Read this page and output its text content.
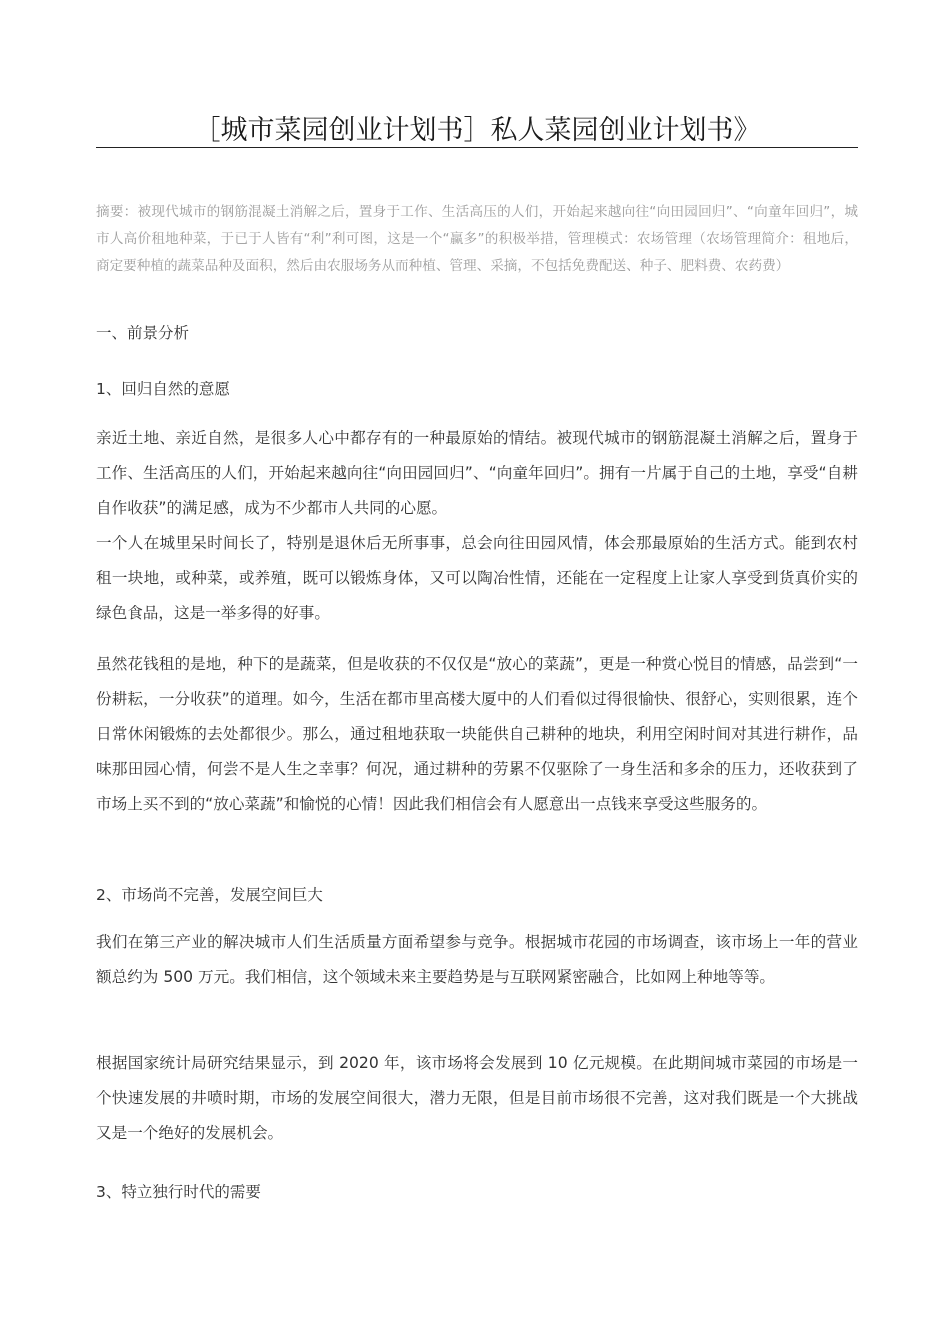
［城市菜园创业计划书］私人菜园创业计划书》

摘要：被现代城市的钢筋混凝土消解之后，置身于工作、生活高压的人们，开始起来越向往“向田园回归”、“向童年回归”，城市人高价租地种菜，于已于人皆有“利”利可图，这是一个“赢多”的积极举措，管理模式：农场管理（农场管理简介：租地后，商定要种植的蔬菜品种及面积，然后由农服场务从而种植、管理、采摘，不包括免费配送、种子、肥料费、农药费）

一、前景分析

1、回归自然的意愿

亲近土地、亲近自然，是很多人心中都存有的一种最原始的情结。被现代城市的钢筋混凝土消解之后，置身于工作、生活高压的人们，开始起来越向往“向田园回归”、“向童年回归”。拥有一片属于自己的土地，享受“自耕自作收获”的满足感，成为不少都市人共同的心愿。

一个人在城里呆时间长了，特别是退休后无所事事，总会向往田园风情，体会那最原始的生活方式。能到农村租一块地，或种菜，或养殖，既可以锻炼身体，又可以陶冶性情，还能在一定程度上让家人享受到货真价实的绿色食品，这是一举多得的好事。

虽然花钱租的是地，种下的是蔬菜，但是收获的不仅仅是“放心的菜蔬”，更是一种赏心悦目的情感，品尝到“一份耕耘，一分收获”的道理。如今，生活在都市里高楼大厦中的人们看似过得很愉快、很舒心，实则很累，连个日常休闲锻炼的去处都很少。那么，通过租地获取一块能供自己耕种的地块，利用空闲时间对其进行耕作，品味那田园心情，何尝不是人生之幸事？何况，通过耕种的劳累不仅驱除了一身生活和多余的压力，还收获到了市场上买不到的“放心菜蔬”和愉悦的心情！因此我们相信会有人愿意出一点钱来享受这些服务的。

2、市场尚不完善，发展空间巨大

我们在第三产业的解决城市人们生活质量方面希望参与竞争。根据城市花园的市场调查，该市场上一年的营业额总约为 500 万元。我们相信，这个领域未来主要趋势是与互联网紧密融合，比如网上种地等等。

根据国家统计局研究结果显示，到 2020 年，该市场将会发展到 10 亿元规模。在此期间城市菜园的市场是一个快速发展的井喷时期，市场的发展空间很大，潜力无限，但是目前市场很不完善，这对我们既是一个大挑战又是一个绝好的发展机会。

3、特立独行时代的需要
